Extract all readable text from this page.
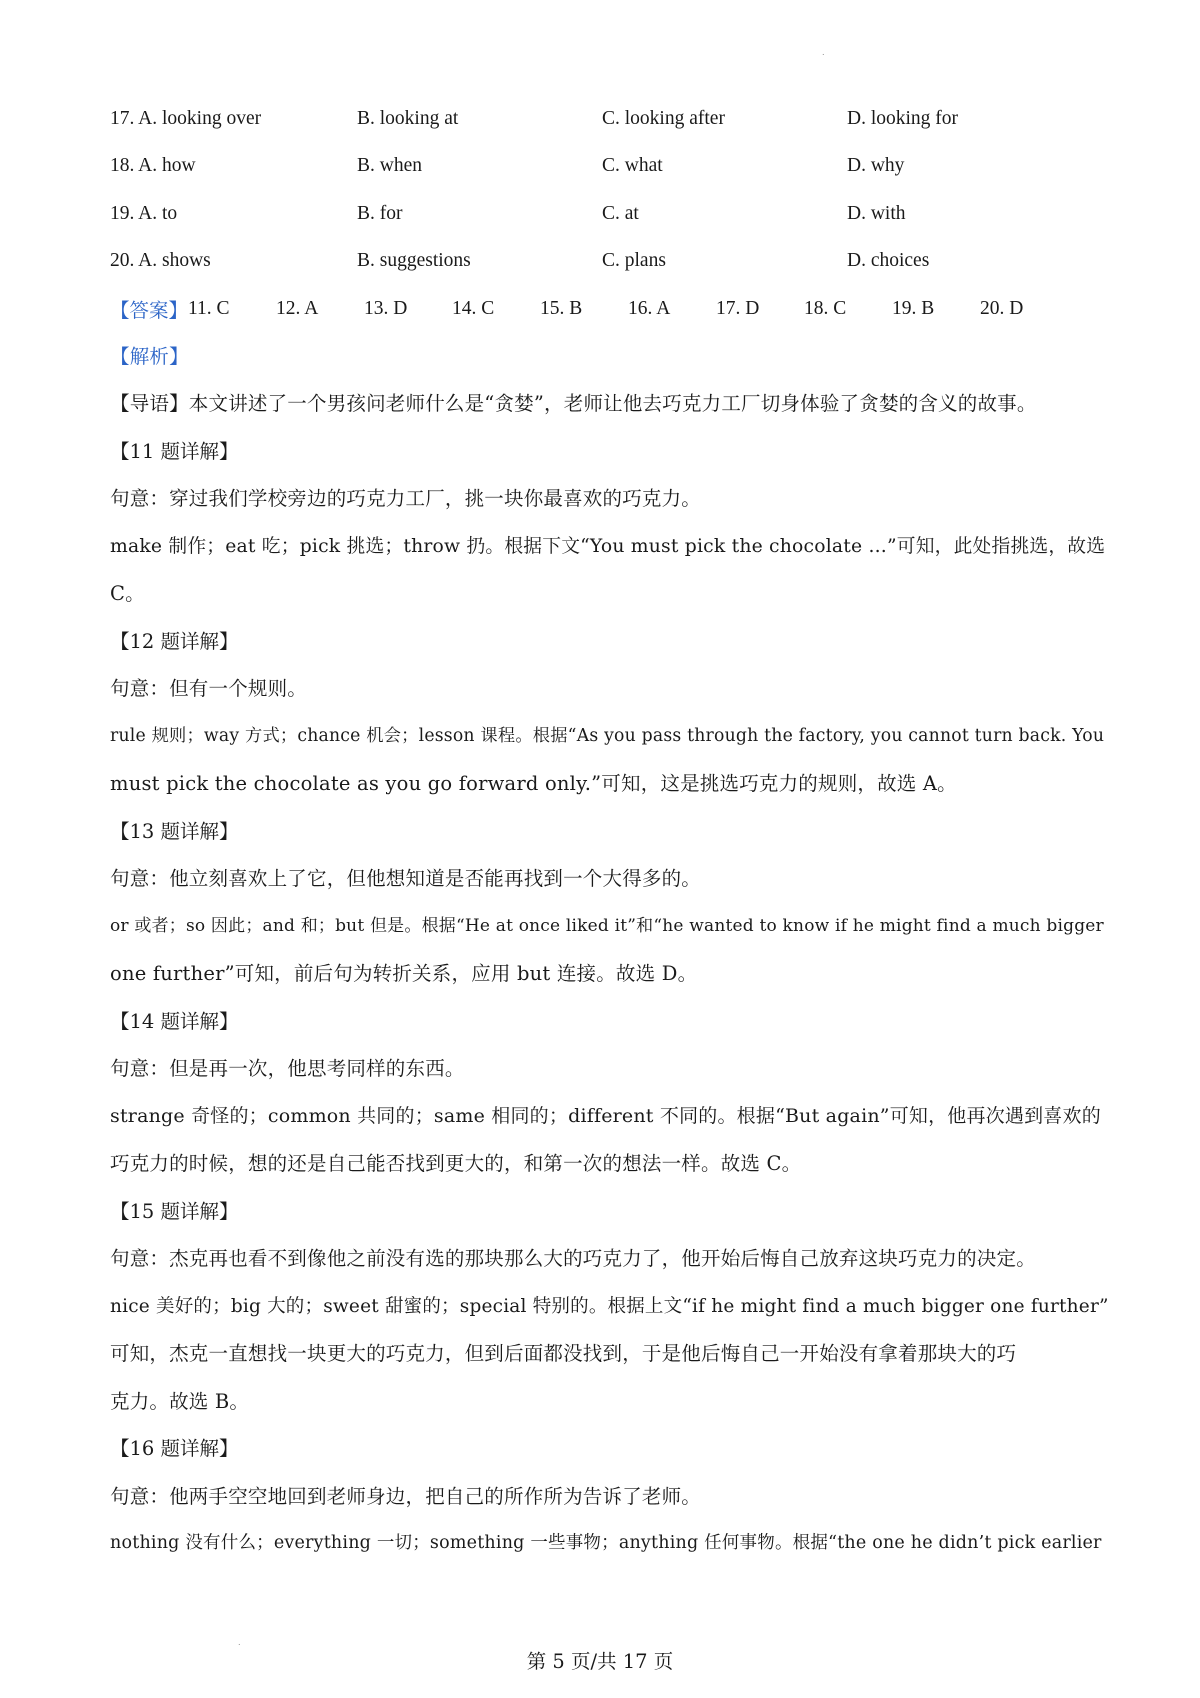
.
.
17. A. looking over	B. looking at	C. looking after	D. looking for
18. A. how	B. when	C. what	D. why
19. A. to	B. for	C. at	D. with
20. A. shows	B. suggestions	C. plans	D. choices
【答案】 11. C	12. A	13. D	14. C	15. B	16. A	17. D	18. C	19. B	20. D
【解析】
【导语】本文讲述了一个男孩问老师什么是“贪婪”，老师让他去巧克力工厂切身体验了贪婪的含义的故事。
【11 题详解】
句意：穿过我们学校旁边的巧克力工厂，挑一块你最喜欢的巧克力。
make 制作；eat 吃；pick 挑选；throw 扔。根据下文“You must pick the chocolate ...”可知，此处指挑选，故选
C。
【12 题详解】
句意：但有一个规则。
rule 规则；way 方式；chance 机会；lesson 课程。根据“As you pass through the factory, you cannot turn back. You
must pick the chocolate as you go forward only.”可知，这是挑选巧克力的规则，故选 A。
【13 题详解】
句意：他立刻喜欢上了它，但他想知道是否能再找到一个大得多的。
or 或者；so 因此；and 和；but 但是。根据“He at once liked it”和“he wanted to know if he might find a much bigger
one further”可知，前后句为转折关系，应用 but 连接。故选 D。
【14 题详解】
句意：但是再一次，他思考同样的东西。
strange 奇怪的；common 共同的；same 相同的；different 不同的。根据“But again”可知，他再次遇到喜欢的
巧克力的时候，想的还是自己能否找到更大的，和第一次的想法一样。故选 C。
【15 题详解】
句意：杰克再也看不到像他之前没有选的那块那么大的巧克力了，他开始后悔自己放弃这块巧克力的决定。
nice 美好的；big 大的；sweet 甜蜜的；special 特别的。根据上文“if he might find a much bigger one further”
可知，杰克一直想找一块更大的巧克力，但到后面都没找到，于是他后悔自己一开始没有拿着那块大的巧
克力。故选 B。
【16 题详解】
句意：他两手空空地回到老师身边，把自己的所作所为告诉了老师。
nothing 没有什么；everything 一切；something 一些事物；anything 任何事物。根据“the one he didn’t pick earlier
第 5 页/共 17 页
